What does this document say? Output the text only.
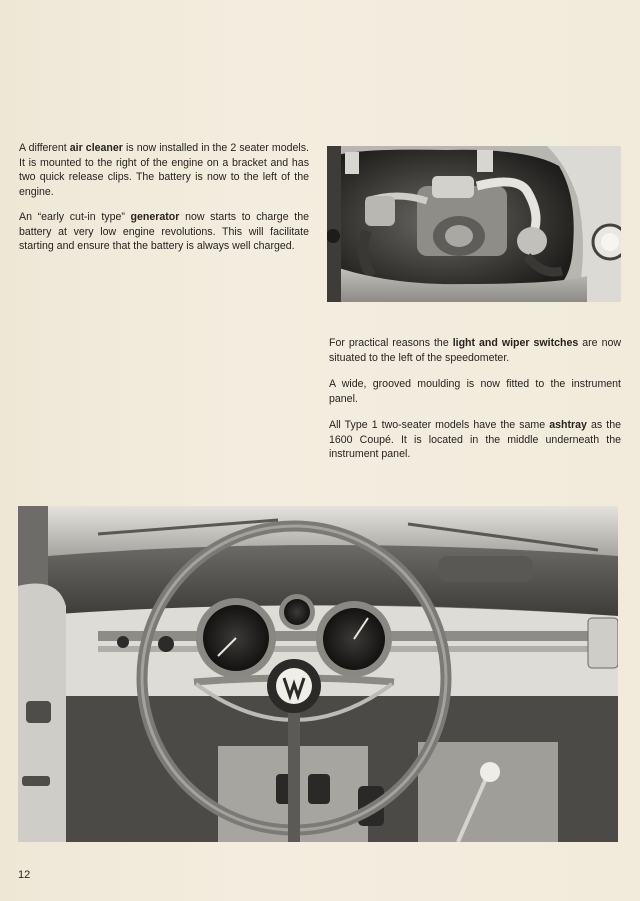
A different air cleaner is now installed in the 2 seater models. It is mounted to the right of the engine on a bracket and has two quick release clips. The battery is now to the left of the engine.

An “early cut-in type” generator now starts to charge the battery at very low engine revolutions. This will facilitate starting and ensure that the battery is always well charged.

For practical reasons the light and wiper switches are now situated to the left of the speedometer.

A wide, grooved moulding is now fitted to the instrument panel.

All Type 1 two-seater models have the same ashtray as the 1600 Coupé. It is located in the middle underneath the instrument panel.

12
